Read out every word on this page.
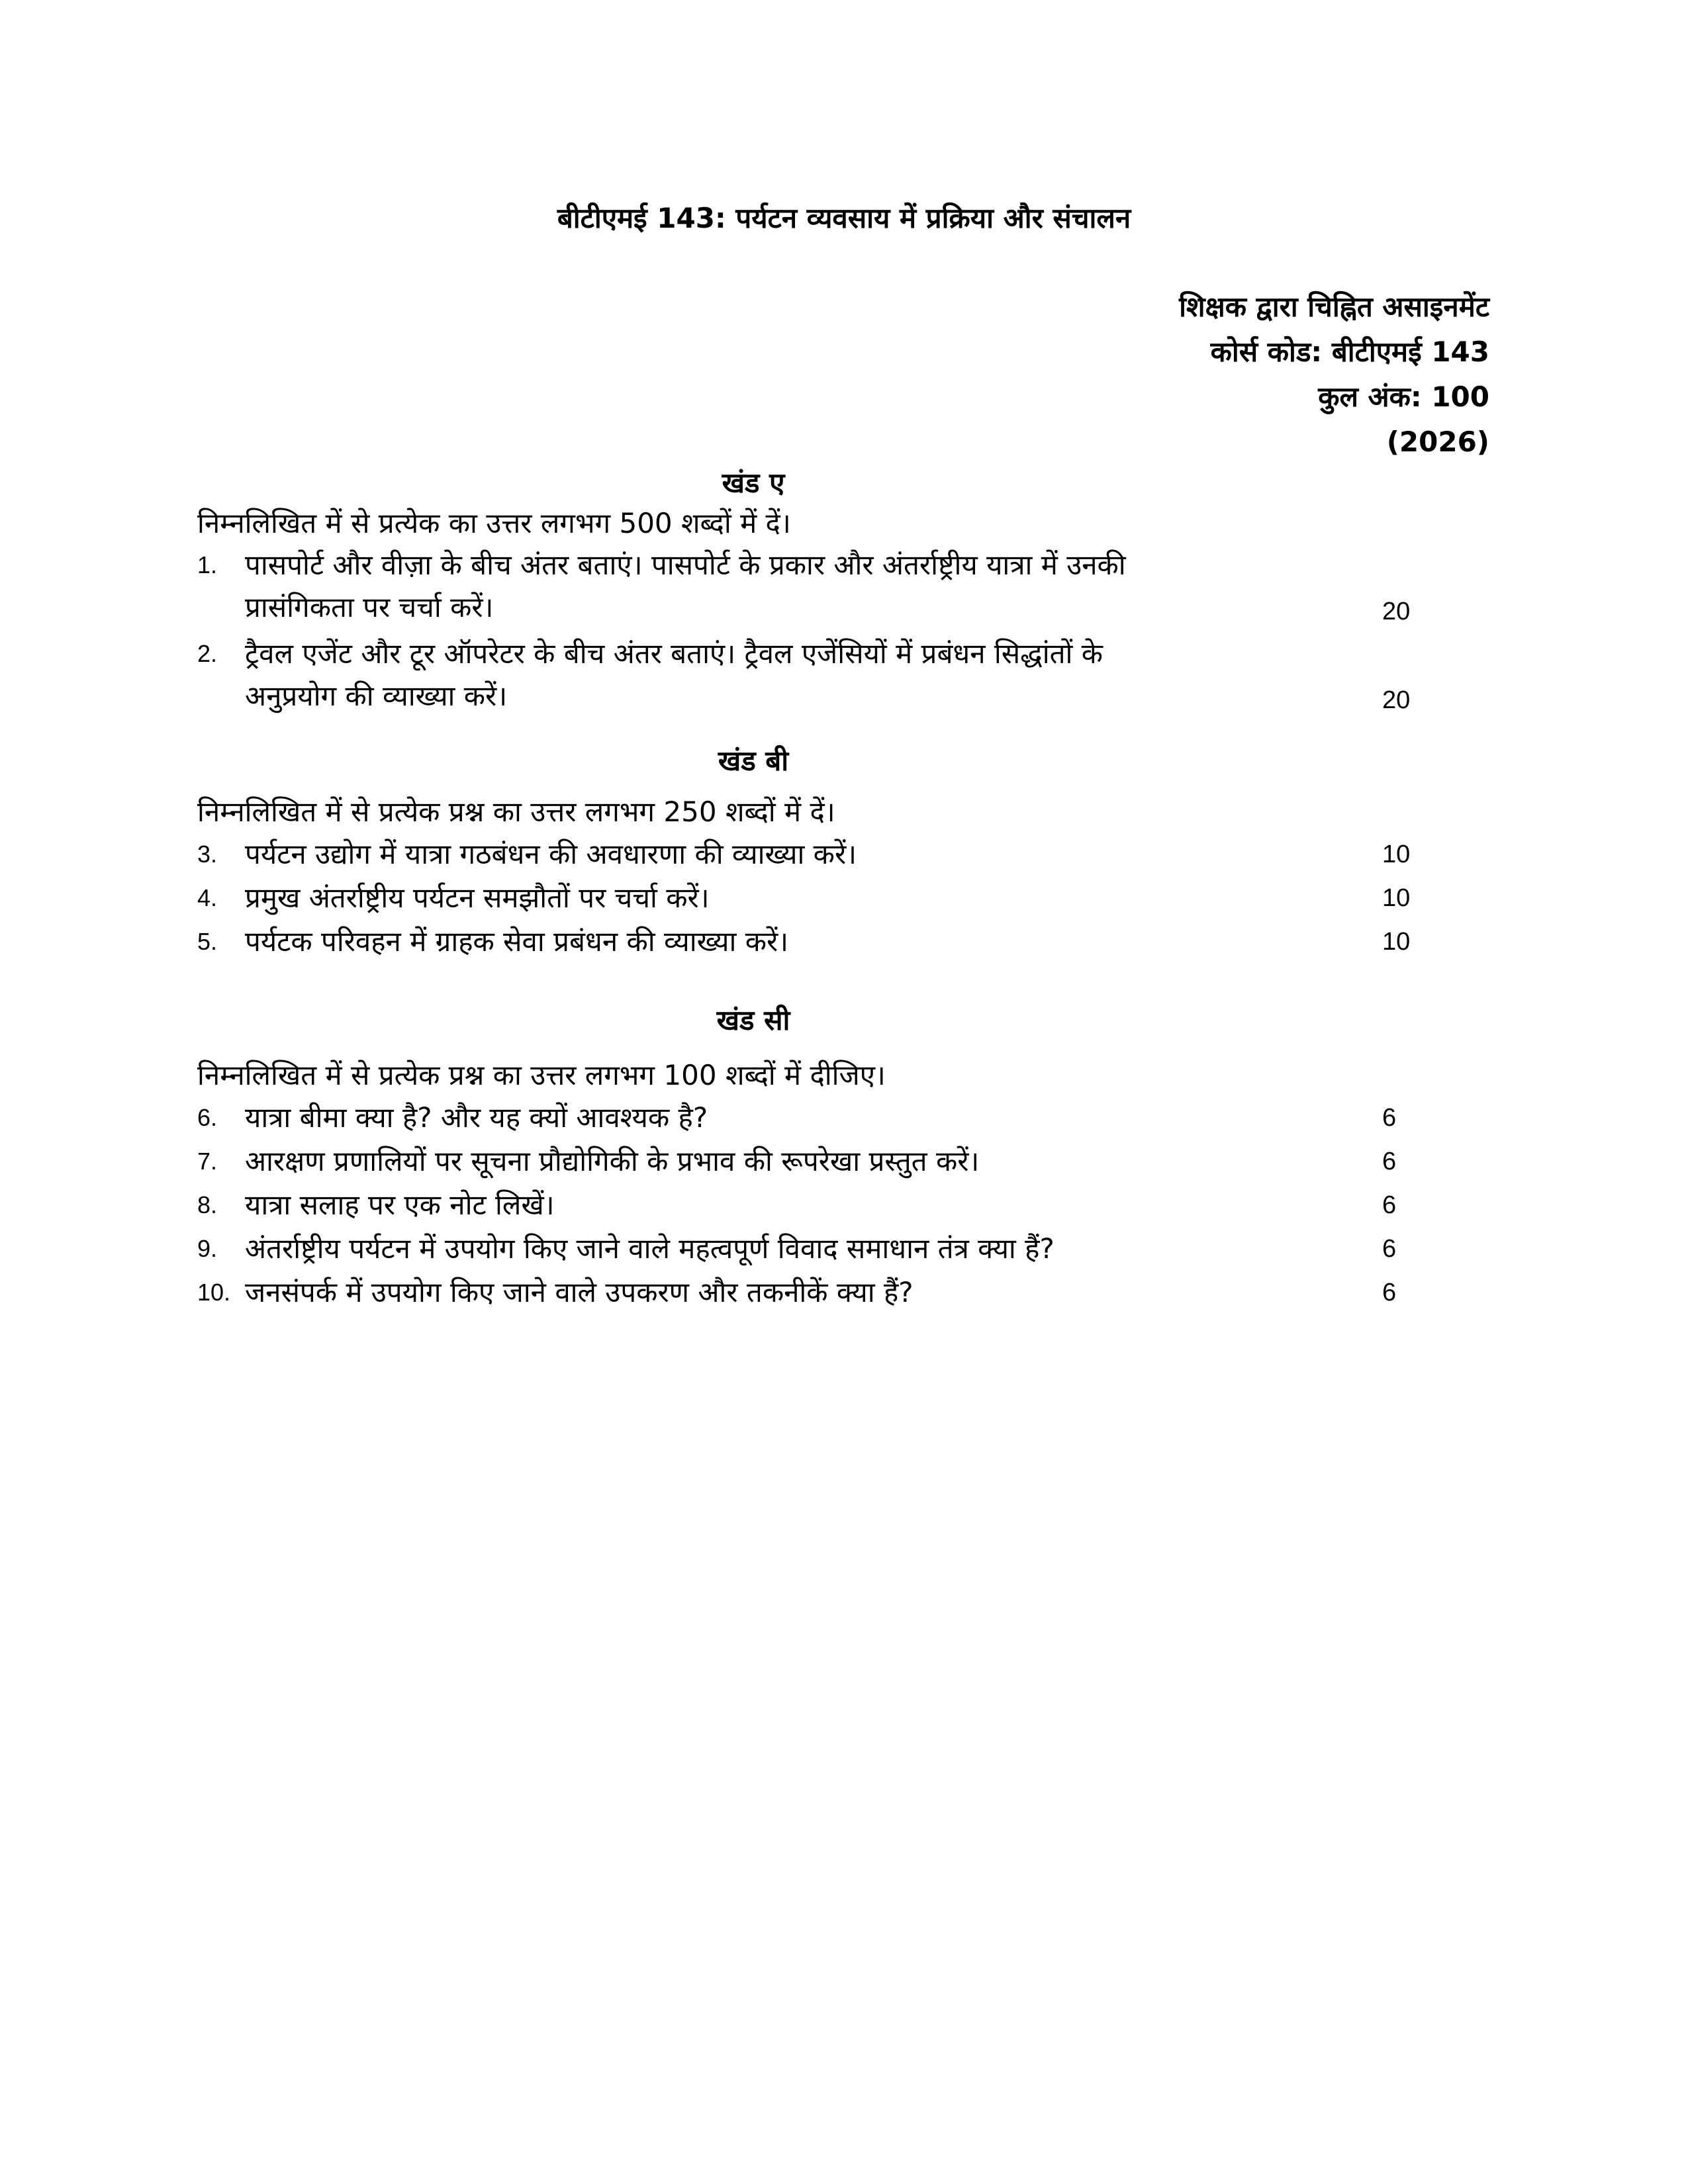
बीटीएमई 143: पर्यटन व्यवसाय में प्रक्रिया और संचालन
शिक्षक द्वारा चिह्नित असाइनमेंट
कोर्स कोड: बीटीएमई 143
कुल अंक: 100
(2026)
खंड ए
निम्नलिखित में से प्रत्येक का उत्तर लगभग 500 शब्दों में दें।
1. पासपोर्ट और वीज़ा के बीच अंतर बताएं। पासपोर्ट के प्रकार और अंतर्राष्ट्रीय यात्रा में उनकी
प्रासंगिकता पर चर्चा करें।	20
2. ट्रैवल एजेंट और टूर ऑपरेटर के बीच अंतर बताएं। ट्रैवल एजेंसियों में प्रबंधन सिद्धांतों के
अनुप्रयोग की व्याख्या करें।	20
खंड बी
निम्नलिखित में से प्रत्येक प्रश्न का उत्तर लगभग 250 शब्दों में दें।
3. पर्यटन उद्योग में यात्रा गठबंधन की अवधारणा की व्याख्या करें।	10
4. प्रमुख अंतर्राष्ट्रीय पर्यटन समझौतों पर चर्चा करें।	10
5. पर्यटक परिवहन में ग्राहक सेवा प्रबंधन की व्याख्या करें।	10
खंड सी
निम्नलिखित में से प्रत्येक प्रश्न का उत्तर लगभग 100 शब्दों में दीजिए।
6. यात्रा बीमा क्या है? और यह क्यों आवश्यक है?	6
7. आरक्षण प्रणालियों पर सूचना प्रौद्योगिकी के प्रभाव की रूपरेखा प्रस्तुत करें।	6
8. यात्रा सलाह पर एक नोट लिखें।	6
9. अंतर्राष्ट्रीय पर्यटन में उपयोग किए जाने वाले महत्वपूर्ण विवाद समाधान तंत्र क्या हैं?	6
10. जनसंपर्क में उपयोग किए जाने वाले उपकरण और तकनीकें क्या हैं?	6
